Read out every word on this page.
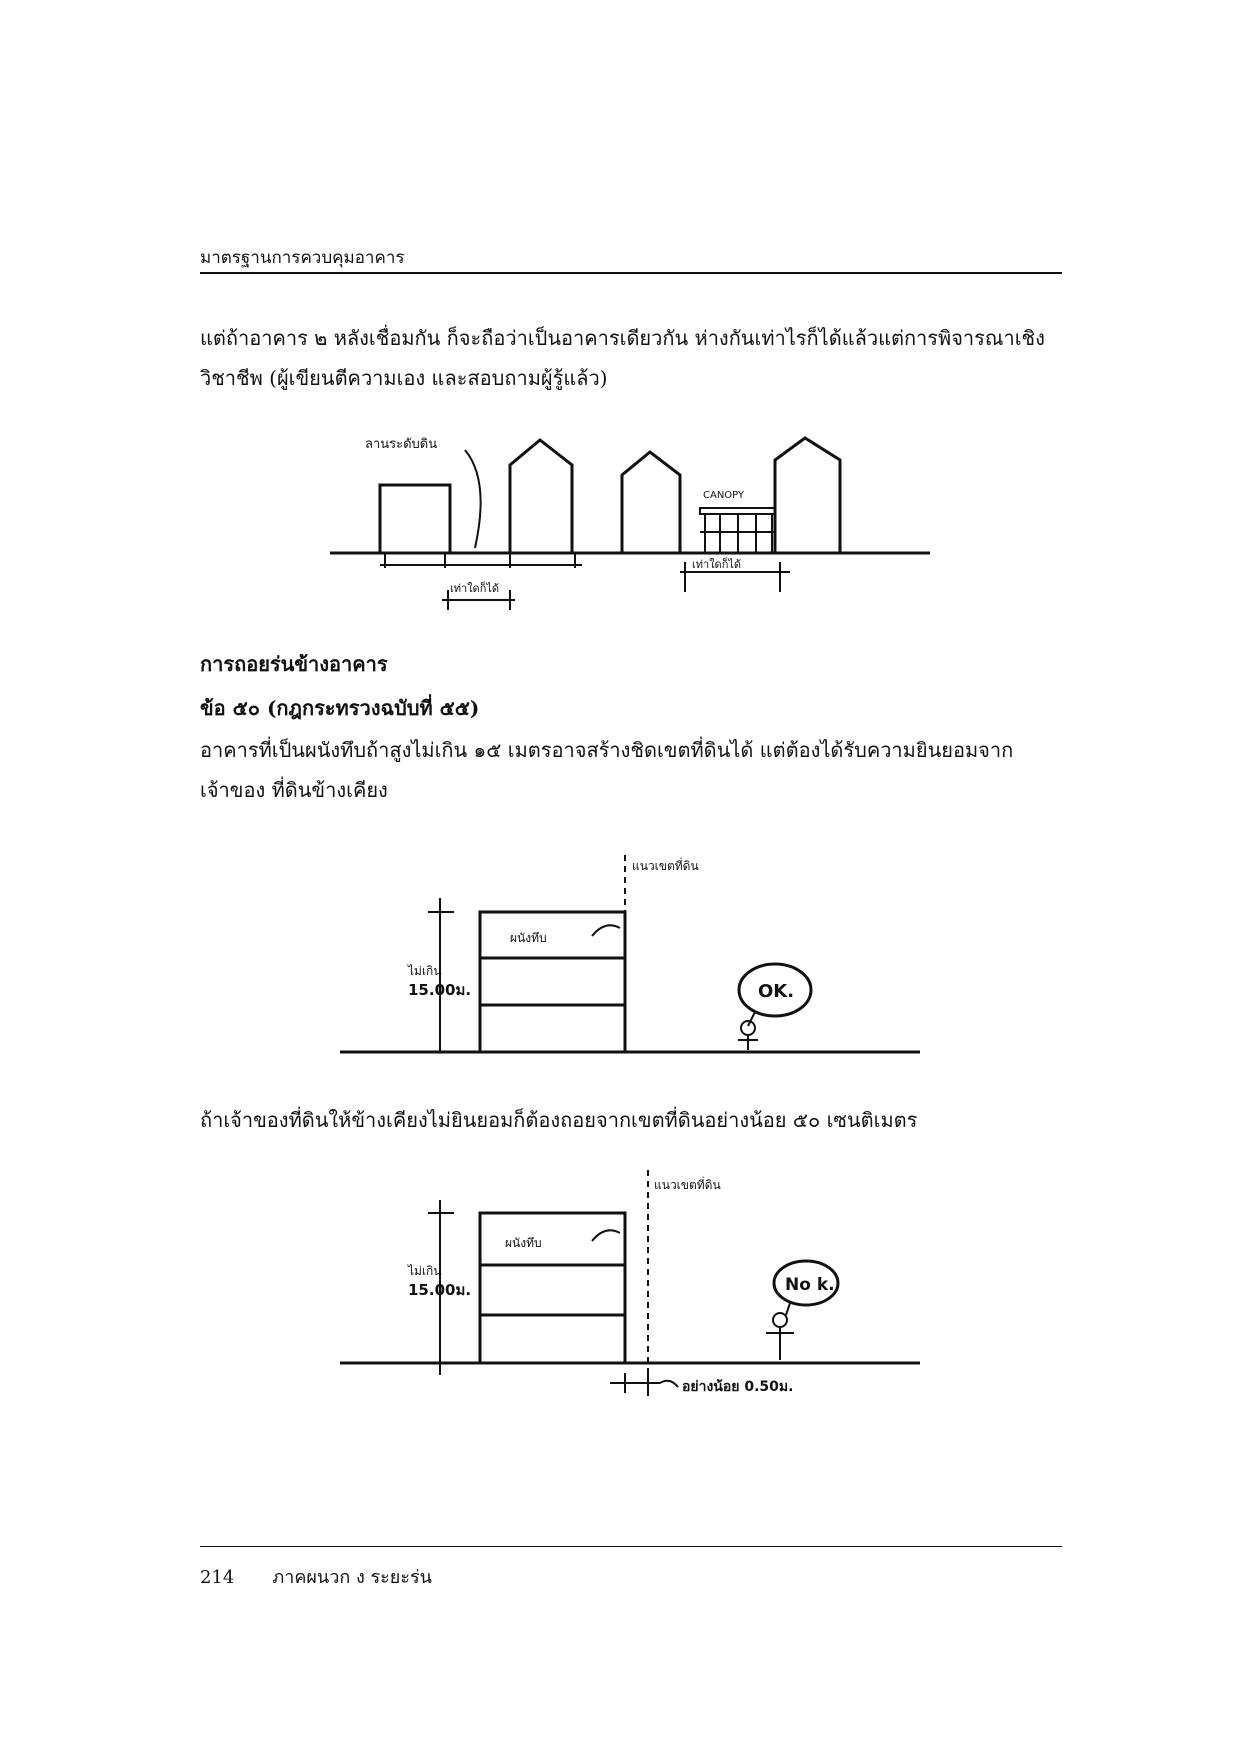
มาตรฐานการควบคุมอาคาร

แต่ถ้าอาคาร ๒ หลังเชื่อมกัน ก็จะถือว่าเป็นอาคารเดียวกัน ห่างกันเท่าไรก็ได้แล้วแต่การพิจารณาเชิงวิชาชีพ (ผู้เขียนตีความเอง และสอบถามผู้รู้แล้ว)

ลานระดับดิน
CANOPY
เท่าใดก็ได้
เท่าใดก็ได้
การถอยร่นข้างอาคาร
ข้อ ๕๐ (กฎกระทรวงฉบับที่ ๕๕)

อาคารที่เป็นผนังทึบถ้าสูงไม่เกิน ๑๕ เมตรอาจสร้างชิดเขตที่ดินได้ แต่ต้องได้รับความยินยอมจากเจ้าของ ที่ดินข้างเคียง

แนวเขตที่ดิน
ผนังทึบ
ไม่เกิน
15.00ม.	OK.

ถ้าเจ้าของที่ดินให้ข้างเคียงไม่ยินยอมก็ต้องถอยจากเขตที่ดินอย่างน้อย ๕๐ เซนติเมตร

แนวเขตที่ดิน
ผนังทึบ
ไม่เกิน
15.00ม.	No k.
อย่างน้อย 0.50ม.
214 ภาคผนวก ง ระยะร่น
